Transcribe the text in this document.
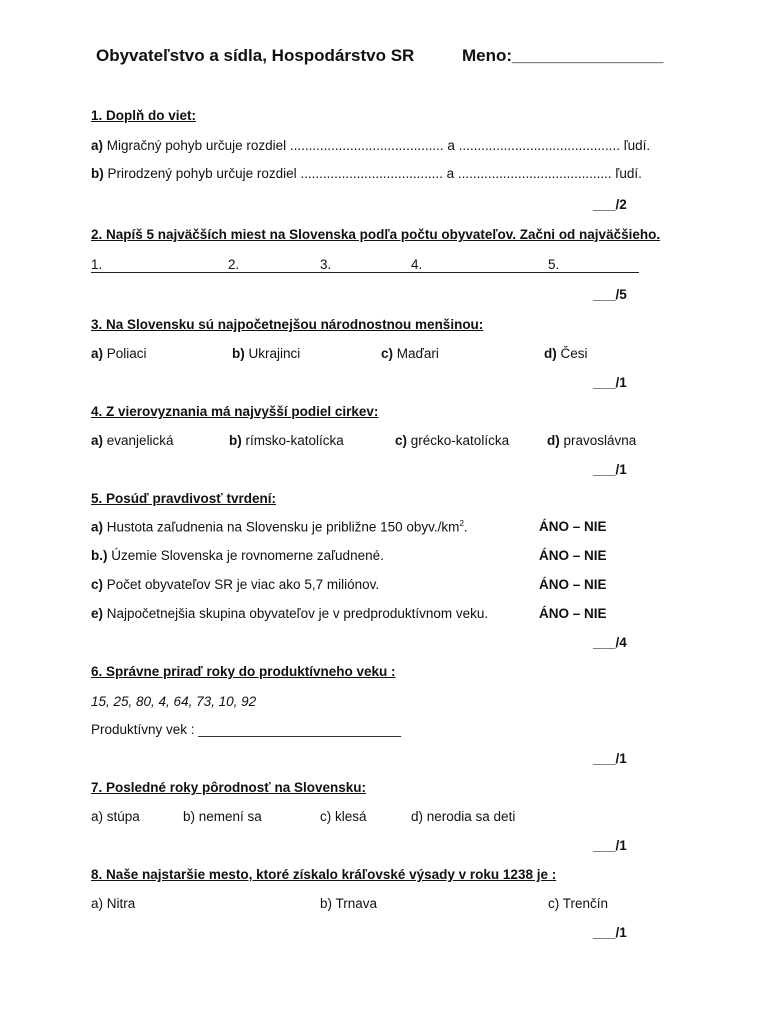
Obyvateľstvo a sídla, Hospodárstvo SR	Meno:________________
1. Doplň do viet:
a) Migračný pohyb určuje rozdiel ......................................... a ........................................... ľudí.
b) Prirodzený pohyb určuje rozdiel ...................................... a ......................................... ľudí.
___/2
2. Napíš 5 najväčších miest na Slovenska podľa počtu obyvateľov. Začni od najväčšieho.
1.	2.	3.	4.	5.
___/5
3. Na Slovensku sú najpočetnejšou národnostnou menšinou:
a) Poliaci	b) Ukrajinci	c) Maďari	d) Česi
___/1
4. Z vierovyznania má najvyšší podiel cirkev:
a) evanjelická	b) rímsko-katolícka	c) grécko-katolícka	d) pravoslávna
___/1
5. Posúď pravdivosť tvrdení:
a) Hustota zaľudnenia na Slovensku je približne 150 $obyv./km^2$.	ÁNO – NIE
b.) Územie Slovenska je rovnomerne zaľudnené.	ÁNO – NIE
c) Počet obyvateľov SR je viac ako 5,7 miliónov.	ÁNO – NIE
e) Najpočetnejšia skupina obyvateľov je v predproduktívnom veku.	ÁNO – NIE
___/4
6. Správne priraď roky do produktívneho veku :
15, 25, 80, 4, 64, 73, 10, 92
Produktívny vek : ___________________________
___/1
7. Posledné roky pôrodnosť na Slovensku:
a) stúpa	b) nemení sa	c) klesá	d) nerodia sa deti
___/1
8. Naše najstaršie mesto, ktoré získalo kráľovské výsady v roku 1238 je :
a) Nitra	b) Trnava	c) Trenčín
___/1
